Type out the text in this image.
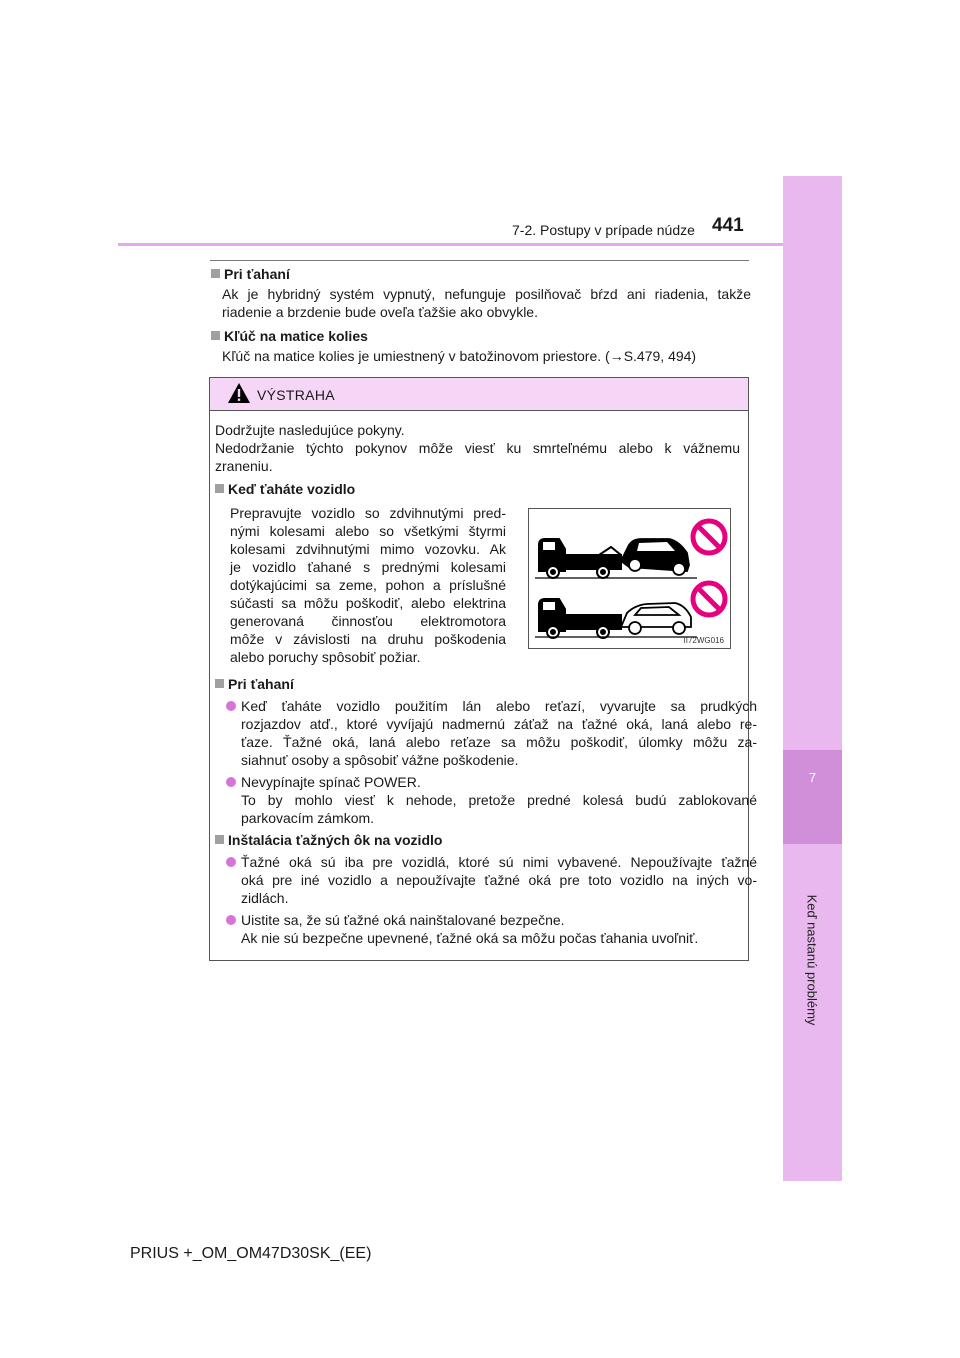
7
Keď nastanú problémy
7-2. Postupy v prípade núdze 441
Pri ťahaní
Ak je hybridný systém vypnutý, nefunguje posilňovač bŕzd ani riadenia, takže
riadenie a brzdenie bude oveľa ťažšie ako obvykle.
Kľúč na matice kolies
Kľúč na matice kolies je umiestnený v batožinovom priestore. (→S.479, 494)
VÝSTRAHA
Dodržujte nasledujúce pokyny.
Nedodržanie týchto pokynov môže viesť ku smrteľnému alebo k vážnemu
zraneniu.
Keď ťaháte vozidlo
Prepravujte vozidlo so zdvihnutými pred-
nými kolesami alebo so všetkými štyrmi
kolesami zdvihnutými mimo vozovku. Ak
je vozidlo ťahané s prednými kolesami
dotýkajúcimi sa zeme, pohon a príslušné
súčasti sa môžu poškodiť, alebo elektrina
generovaná činnosťou elektromotora
môže v závislosti na druhu poškodenia
alebo poruchy spôsobiť požiar.
II72WG016
Pri ťahaní
Keď ťaháte vozidlo použitím lán alebo reťazí, vyvarujte sa prudkých
rozjazdov atď., ktoré vyvíjajú nadmernú záťaž na ťažné oká, laná alebo re-
ťaze. Ťažné oká, laná alebo reťaze sa môžu poškodiť, úlomky môžu za-
siahnuť osoby a spôsobiť vážne poškodenie.
Nevypínajte spínač POWER.
To by mohlo viesť k nehode, pretože predné kolesá budú zablokované
parkovacím zámkom.
Inštalácia ťažných ôk na vozidlo
Ťažné oká sú iba pre vozidlá, ktoré sú nimi vybavené. Nepoužívajte ťažné
oká pre iné vozidlo a nepoužívajte ťažné oká pre toto vozidlo na iných vo-
zidlách.
Uistite sa, že sú ťažné oká nainštalované bezpečne.
Ak nie sú bezpečne upevnené, ťažné oká sa môžu počas ťahania uvoľniť.
PRIUS +_OM_OM47D30SK_(EE)
